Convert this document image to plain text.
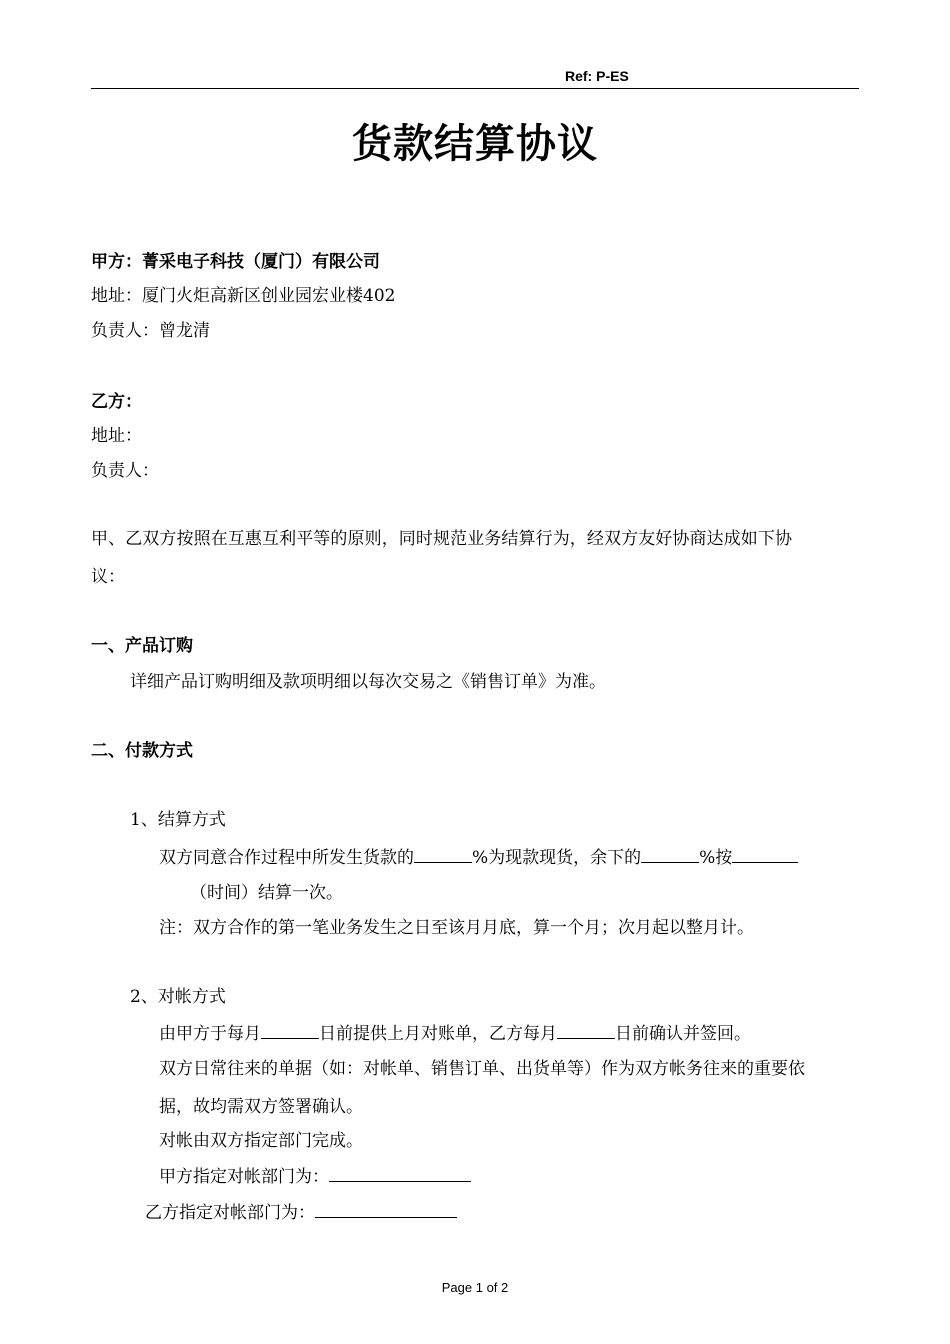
Ref: P-ES
货款结算协议
甲方：菁采电子科技（厦门）有限公司
地址：厦门火炬高新区创业园宏业楼402
负责人：曾龙清
乙方：
地址：
负责人：
甲、乙双方按照在互惠互利平等的原则，同时规范业务结算行为，经双方友好协商达成如下协
议：
一、产品订购
详细产品订购明细及款项明细以每次交易之《销售订单》为准。
二、付款方式
1、结算方式
双方同意合作过程中所发生货款的	%为现款现货，余下的	%按
（时间）结算一次。
注：双方合作的第一笔业务发生之日至该月月底，算一个月；次月起以整月计。
2、对帐方式
由甲方于每月	日前提供上月对账单，乙方每月	日前确认并签回。
双方日常往来的单据（如：对帐单、销售订单、出货单等）作为双方帐务往来的重要依
据，故均需双方签署确认。
对帐由双方指定部门完成。
甲方指定对帐部门为：
乙方指定对帐部门为：
Page 1 of 2
